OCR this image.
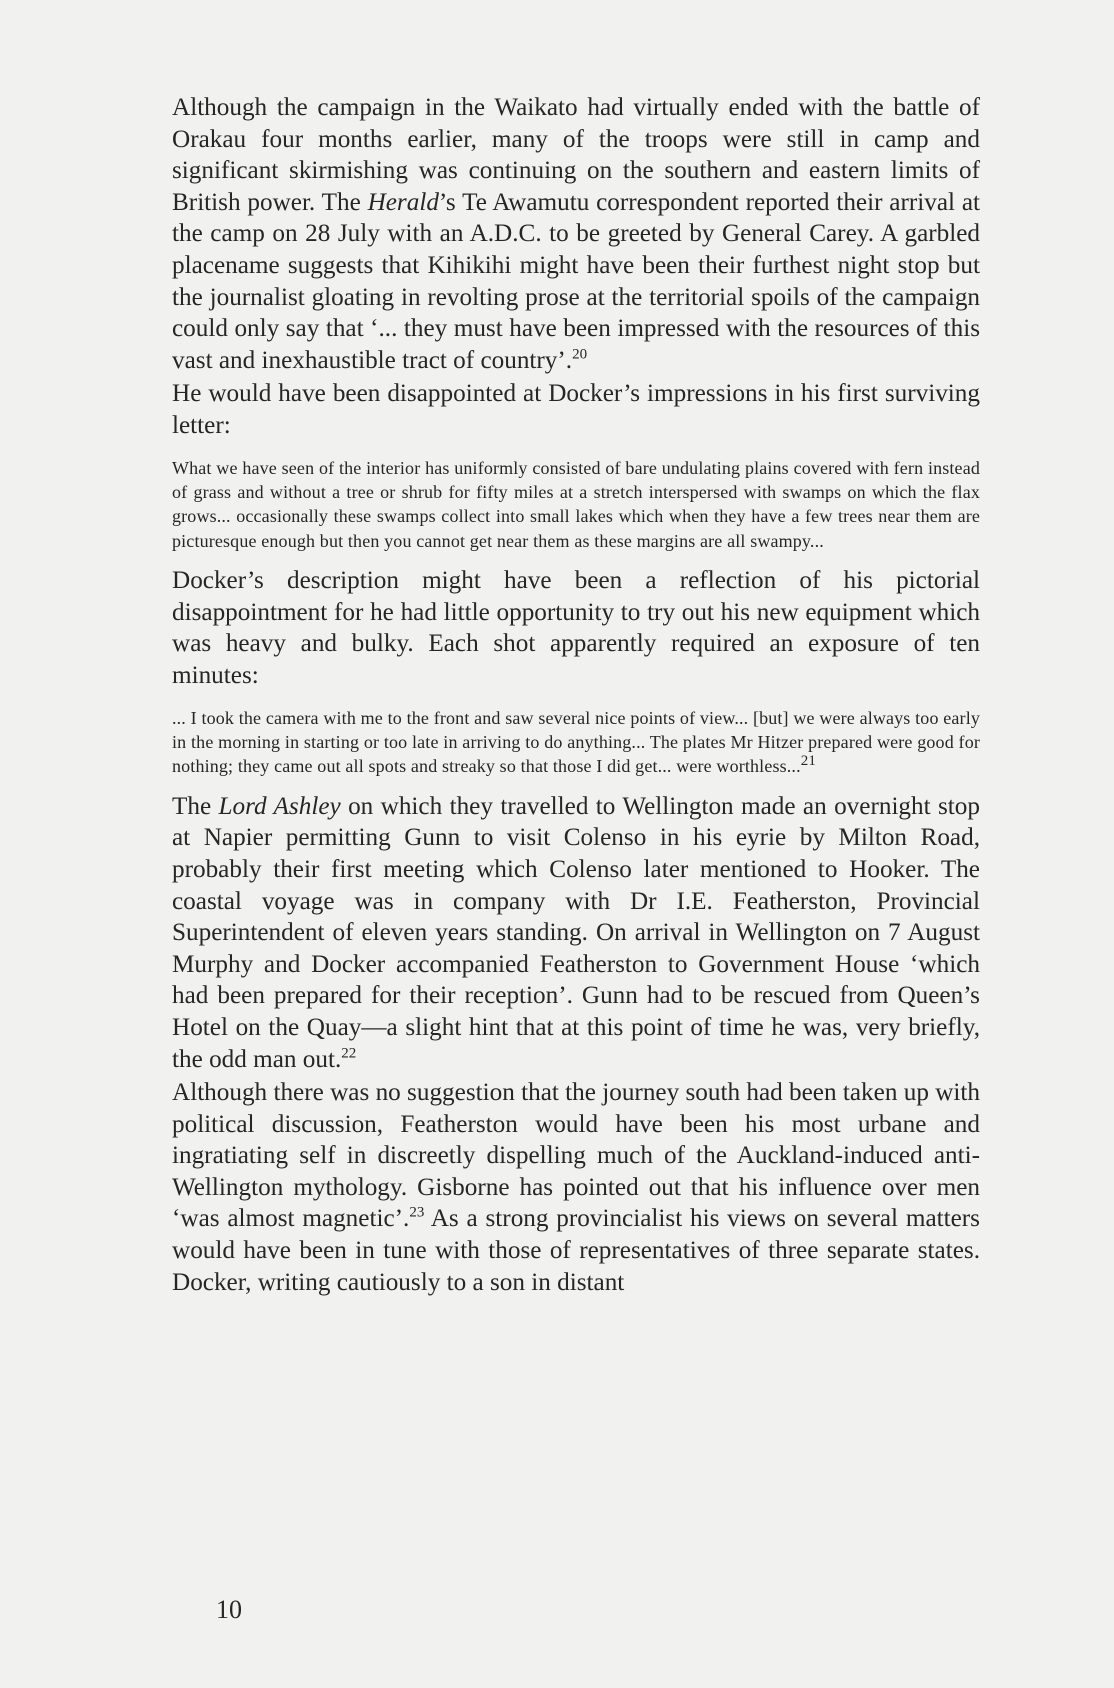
Although the campaign in the Waikato had virtually ended with the battle of Orakau four months earlier, many of the troops were still in camp and significant skirmishing was continuing on the southern and eastern limits of British power. The Herald’s Te Awamutu correspondent reported their arrival at the camp on 28 July with an A.D.C. to be greeted by General Carey. A garbled placename suggests that Kihikihi might have been their furthest night stop but the journalist gloating in revolting prose at the territorial spoils of the campaign could only say that ‘... they must have been impressed with the resources of this vast and inexhaustible tract of country’.$^{20}$

He would have been disappointed at Docker’s impressions in his first surviving letter:

What we have seen of the interior has uniformly consisted of bare undulating plains covered with fern instead of grass and without a tree or shrub for fifty miles at a stretch interspersed with swamps on which the flax grows... occasionally these swamps collect into small lakes which when they have a few trees near them are picturesque enough but then you cannot get near them as these margins are all swampy...

Docker’s description might have been a reflection of his pictorial disappointment for he had little opportunity to try out his new equipment which was heavy and bulky. Each shot apparently required an exposure of ten minutes:

... I took the camera with me to the front and saw several nice points of view... [but] we were always too early in the morning in starting or too late in arriving to do anything... The plates Mr Hitzer prepared were good for nothing; they came out all spots and streaky so that those I did get... were worthless...$^{21}$

The Lord Ashley on which they travelled to Wellington made an overnight stop at Napier permitting Gunn to visit Colenso in his eyrie by Milton Road, probably their first meeting which Colenso later mentioned to Hooker. The coastal voyage was in company with Dr I.E. Featherston, Provincial Superintendent of eleven years standing. On arrival in Wellington on 7 August Murphy and Docker accompanied Featherston to Government House ‘which had been prepared for their reception’. Gunn had to be rescued from Queen’s Hotel on the Quay—a slight hint that at this point of time he was, very briefly, the odd man out.$^{22}$

Although there was no suggestion that the journey south had been taken up with political discussion, Featherston would have been his most urbane and ingratiating self in discreetly dispelling much of the Auckland-induced anti-Wellington mythology. Gisborne has pointed out that his influence over men ‘was almost magnetic’.$^{23}$ As a strong provincialist his views on several matters would have been in tune with those of representatives of three separate states. Docker, writing cautiously to a son in distant

10
